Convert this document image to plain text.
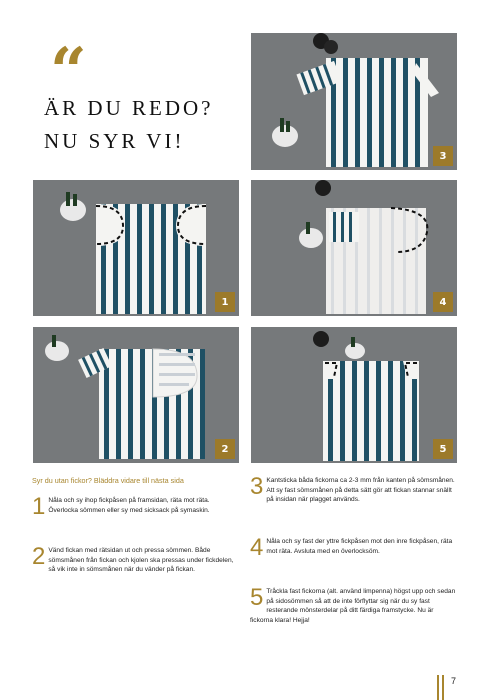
“
ÄR DU REDO?
NU SYR VI!
3
1	4
2	5
Syr du utan fickor? Bläddra vidare till nästa sida
1 Nåla och sy ihop fickpåsen på framsidan, räta mot räta. Överlocka sömmen eller sy med sicksack på symaskin.
2 Vänd fickan med rätsidan ut och pressa sömmen. Både sömsmånen från fickan och kjolen ska pressas under fickdelen, så vik inte in sömsmånen när du vänder på fickan.
3 Kantsticka båda fickorna ca 2-3 mm från kanten på sömsmånen. Att sy fast sömsmånen på detta sätt gör att fickan stannar snällt på insidan när plagget används.
4 Nåla och sy fast der yttre fickpåsen mot den inre fickpåsen, räta mot räta. Avsluta med en överlocksöm.
5 Tråckla fast fickorna (alt. använd limpenna) högst upp och sedan på sidosömmen så att de inte förflyttar sig när du sy fast resterande mönsterdelar på ditt färdiga framstycke. Nu är fickorna klara! Hejja!
7
